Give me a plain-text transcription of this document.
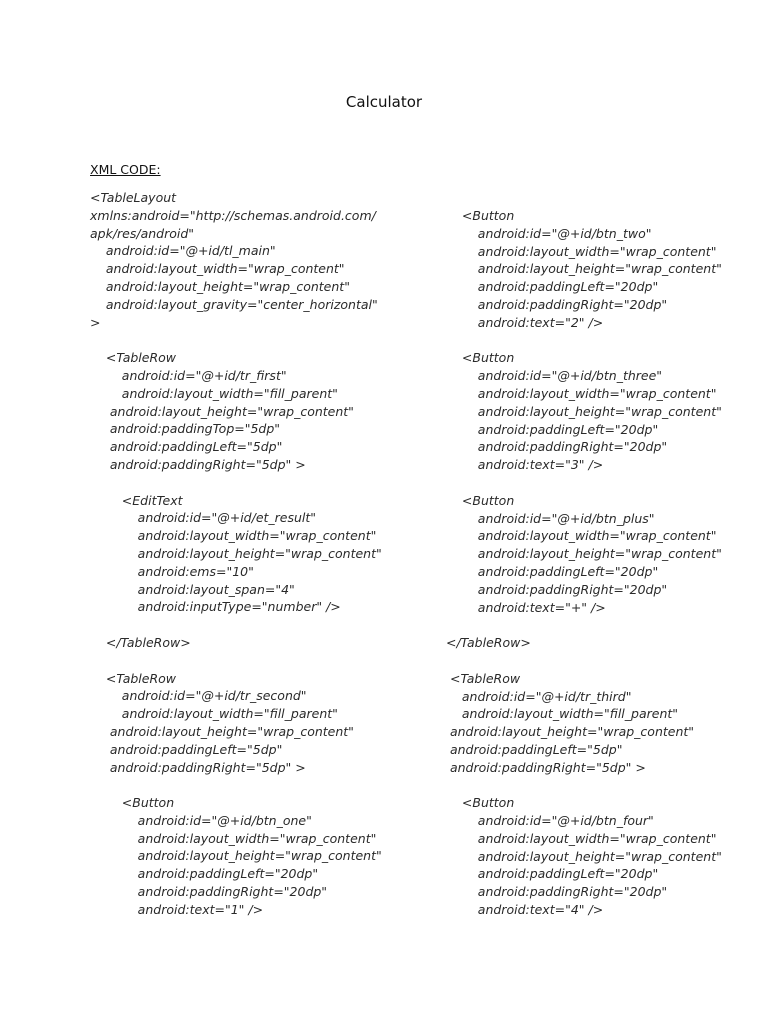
Calculator
XML CODE:
<TableLayout
xmlns:android="http://schemas.android.com/
apk/res/android"
android:id="@+id/tl_main"
android:layout_width="wrap_content"
android:layout_height="wrap_content"
android:layout_gravity="center_horizontal"
>

<TableRow
android:id="@+id/tr_first"
android:layout_width="fill_parent"
android:layout_height="wrap_content"
android:paddingTop="5dp"
android:paddingLeft="5dp"
android:paddingRight="5dp" >

<EditText
android:id="@+id/et_result"
android:layout_width="wrap_content"
android:layout_height="wrap_content"
android:ems="10"
android:layout_span="4"
android:inputType="number" />

</TableRow>

<TableRow
android:id="@+id/tr_second"
android:layout_width="fill_parent"
android:layout_height="wrap_content"
android:paddingLeft="5dp"
android:paddingRight="5dp" >

<Button
android:id="@+id/btn_one"
android:layout_width="wrap_content"
android:layout_height="wrap_content"
android:paddingLeft="20dp"
android:paddingRight="20dp"
android:text="1" />
<Button
android:id="@+id/btn_two"
android:layout_width="wrap_content"
android:layout_height="wrap_content"
android:paddingLeft="20dp"
android:paddingRight="20dp"
android:text="2" />

<Button
android:id="@+id/btn_three"
android:layout_width="wrap_content"
android:layout_height="wrap_content"
android:paddingLeft="20dp"
android:paddingRight="20dp"
android:text="3" />

<Button
android:id="@+id/btn_plus"
android:layout_width="wrap_content"
android:layout_height="wrap_content"
android:paddingLeft="20dp"
android:paddingRight="20dp"
android:text="+" />

</TableRow>

<TableRow
android:id="@+id/tr_third"
android:layout_width="fill_parent"
android:layout_height="wrap_content"
android:paddingLeft="5dp"
android:paddingRight="5dp" >

<Button
android:id="@+id/btn_four"
android:layout_width="wrap_content"
android:layout_height="wrap_content"
android:paddingLeft="20dp"
android:paddingRight="20dp"
android:text="4" />
